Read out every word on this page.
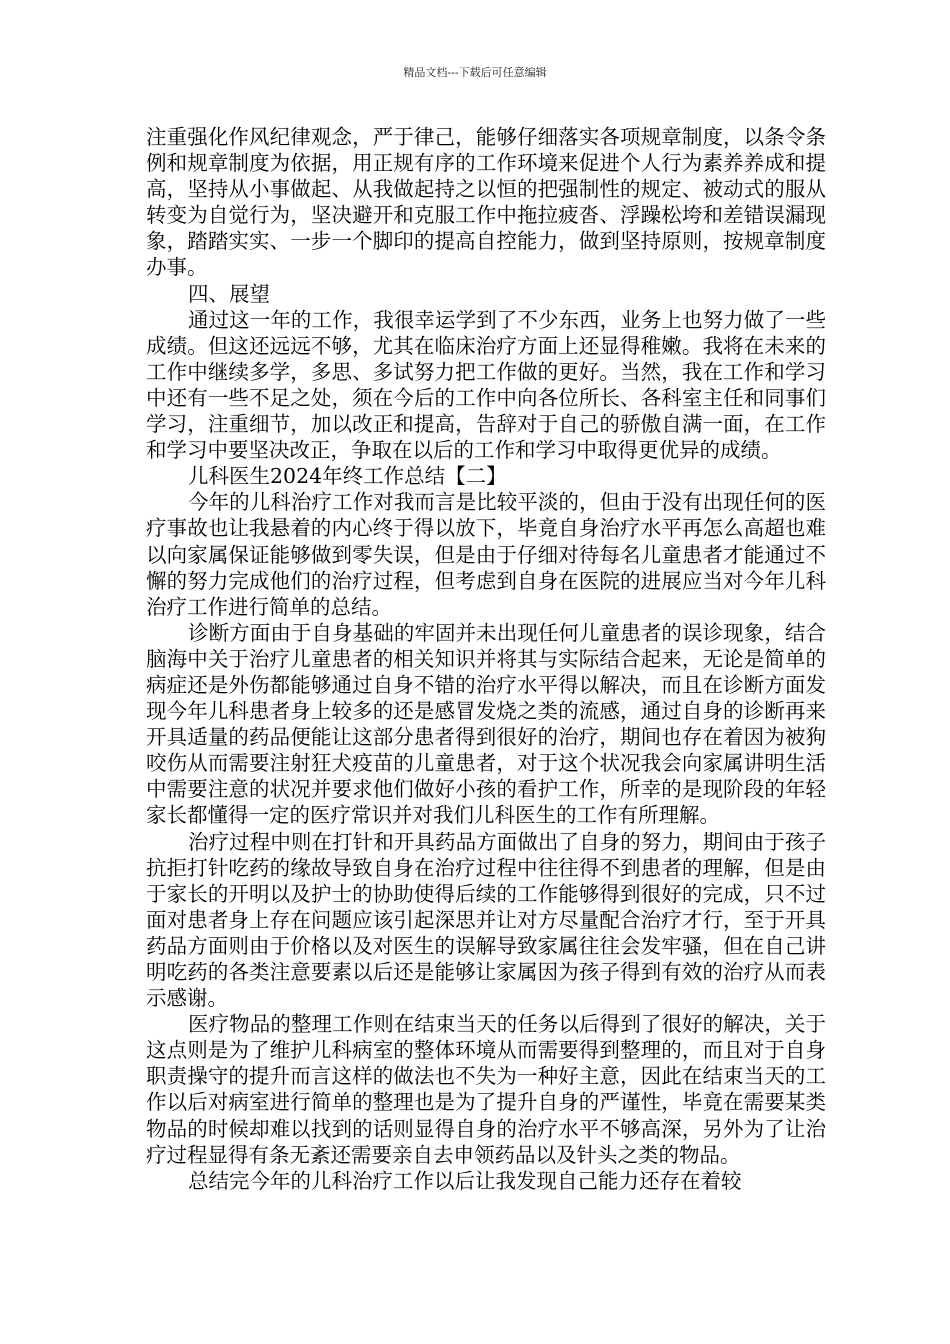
精品文档---下载后可任意编辑

注重强化作风纪律观念，严于律己，能够仔细落实各项规章制度，以条令条例和规章制度为依据，用正规有序的工作环境来促进个人行为素养养成和提高，坚持从小事做起、从我做起持之以恒的把强制性的规定、被动式的服从转变为自觉行为，坚决避开和克服工作中拖拉疲沓、浮躁松垮和差错误漏现象，踏踏实实、一步一个脚印的提高自控能力，做到坚持原则，按规章制度办事。

四、展望

通过这一年的工作，我很幸运学到了不少东西，业务上也努力做了一些成绩。但这还远远不够，尤其在临床治疗方面上还显得稚嫩。我将在未来的工作中继续多学，多思、多试努力把工作做的更好。当然，我在工作和学习中还有一些不足之处，须在今后的工作中向各位所长、各科室主任和同事们学习，注重细节，加以改正和提高，告辞对于自己的骄傲自满一面，在工作和学习中要坚决改正，争取在以后的工作和学习中取得更优异的成绩。

儿科医生2024年终工作总结【二】

今年的儿科治疗工作对我而言是比较平淡的，但由于没有出现任何的医疗事故也让我悬着的内心终于得以放下，毕竟自身治疗水平再怎么高超也难以向家属保证能够做到零失误，但是由于仔细对待每名儿童患者才能通过不懈的努力完成他们的治疗过程，但考虑到自身在医院的进展应当对今年儿科治疗工作进行简单的总结。

诊断方面由于自身基础的牢固并未出现任何儿童患者的误诊现象，结合脑海中关于治疗儿童患者的相关知识并将其与实际结合起来，无论是简单的病症还是外伤都能够通过自身不错的治疗水平得以解决，而且在诊断方面发现今年儿科患者身上较多的还是感冒发烧之类的流感，通过自身的诊断再来开具适量的药品便能让这部分患者得到很好的治疗，期间也存在着因为被狗咬伤从而需要注射狂犬疫苗的儿童患者，对于这个状况我会向家属讲明生活中需要注意的状况并要求他们做好小孩的看护工作，所幸的是现阶段的年轻家长都懂得一定的医疗常识并对我们儿科医生的工作有所理解。

治疗过程中则在打针和开具药品方面做出了自身的努力，期间由于孩子抗拒打针吃药的缘故导致自身在治疗过程中往往得不到患者的理解，但是由于家长的开明以及护士的协助使得后续的工作能够得到很好的完成，只不过面对患者身上存在问题应该引起深思并让对方尽量配合治疗才行，至于开具药品方面则由于价格以及对医生的误解导致家属往往会发牢骚，但在自己讲明吃药的各类注意要素以后还是能够让家属因为孩子得到有效的治疗从而表示感谢。

医疗物品的整理工作则在结束当天的任务以后得到了很好的解决，关于这点则是为了维护儿科病室的整体环境从而需要得到整理的，而且对于自身职责操守的提升而言这样的做法也不失为一种好主意，因此在结束当天的工作以后对病室进行简单的整理也是为了提升自身的严谨性，毕竟在需要某类物品的时候却难以找到的话则显得自身的治疗水平不够高深，另外为了让治疗过程显得有条无紊还需要亲自去申领药品以及针头之类的物品。

总结完今年的儿科治疗工作以后让我发现自己能力还存在着较
